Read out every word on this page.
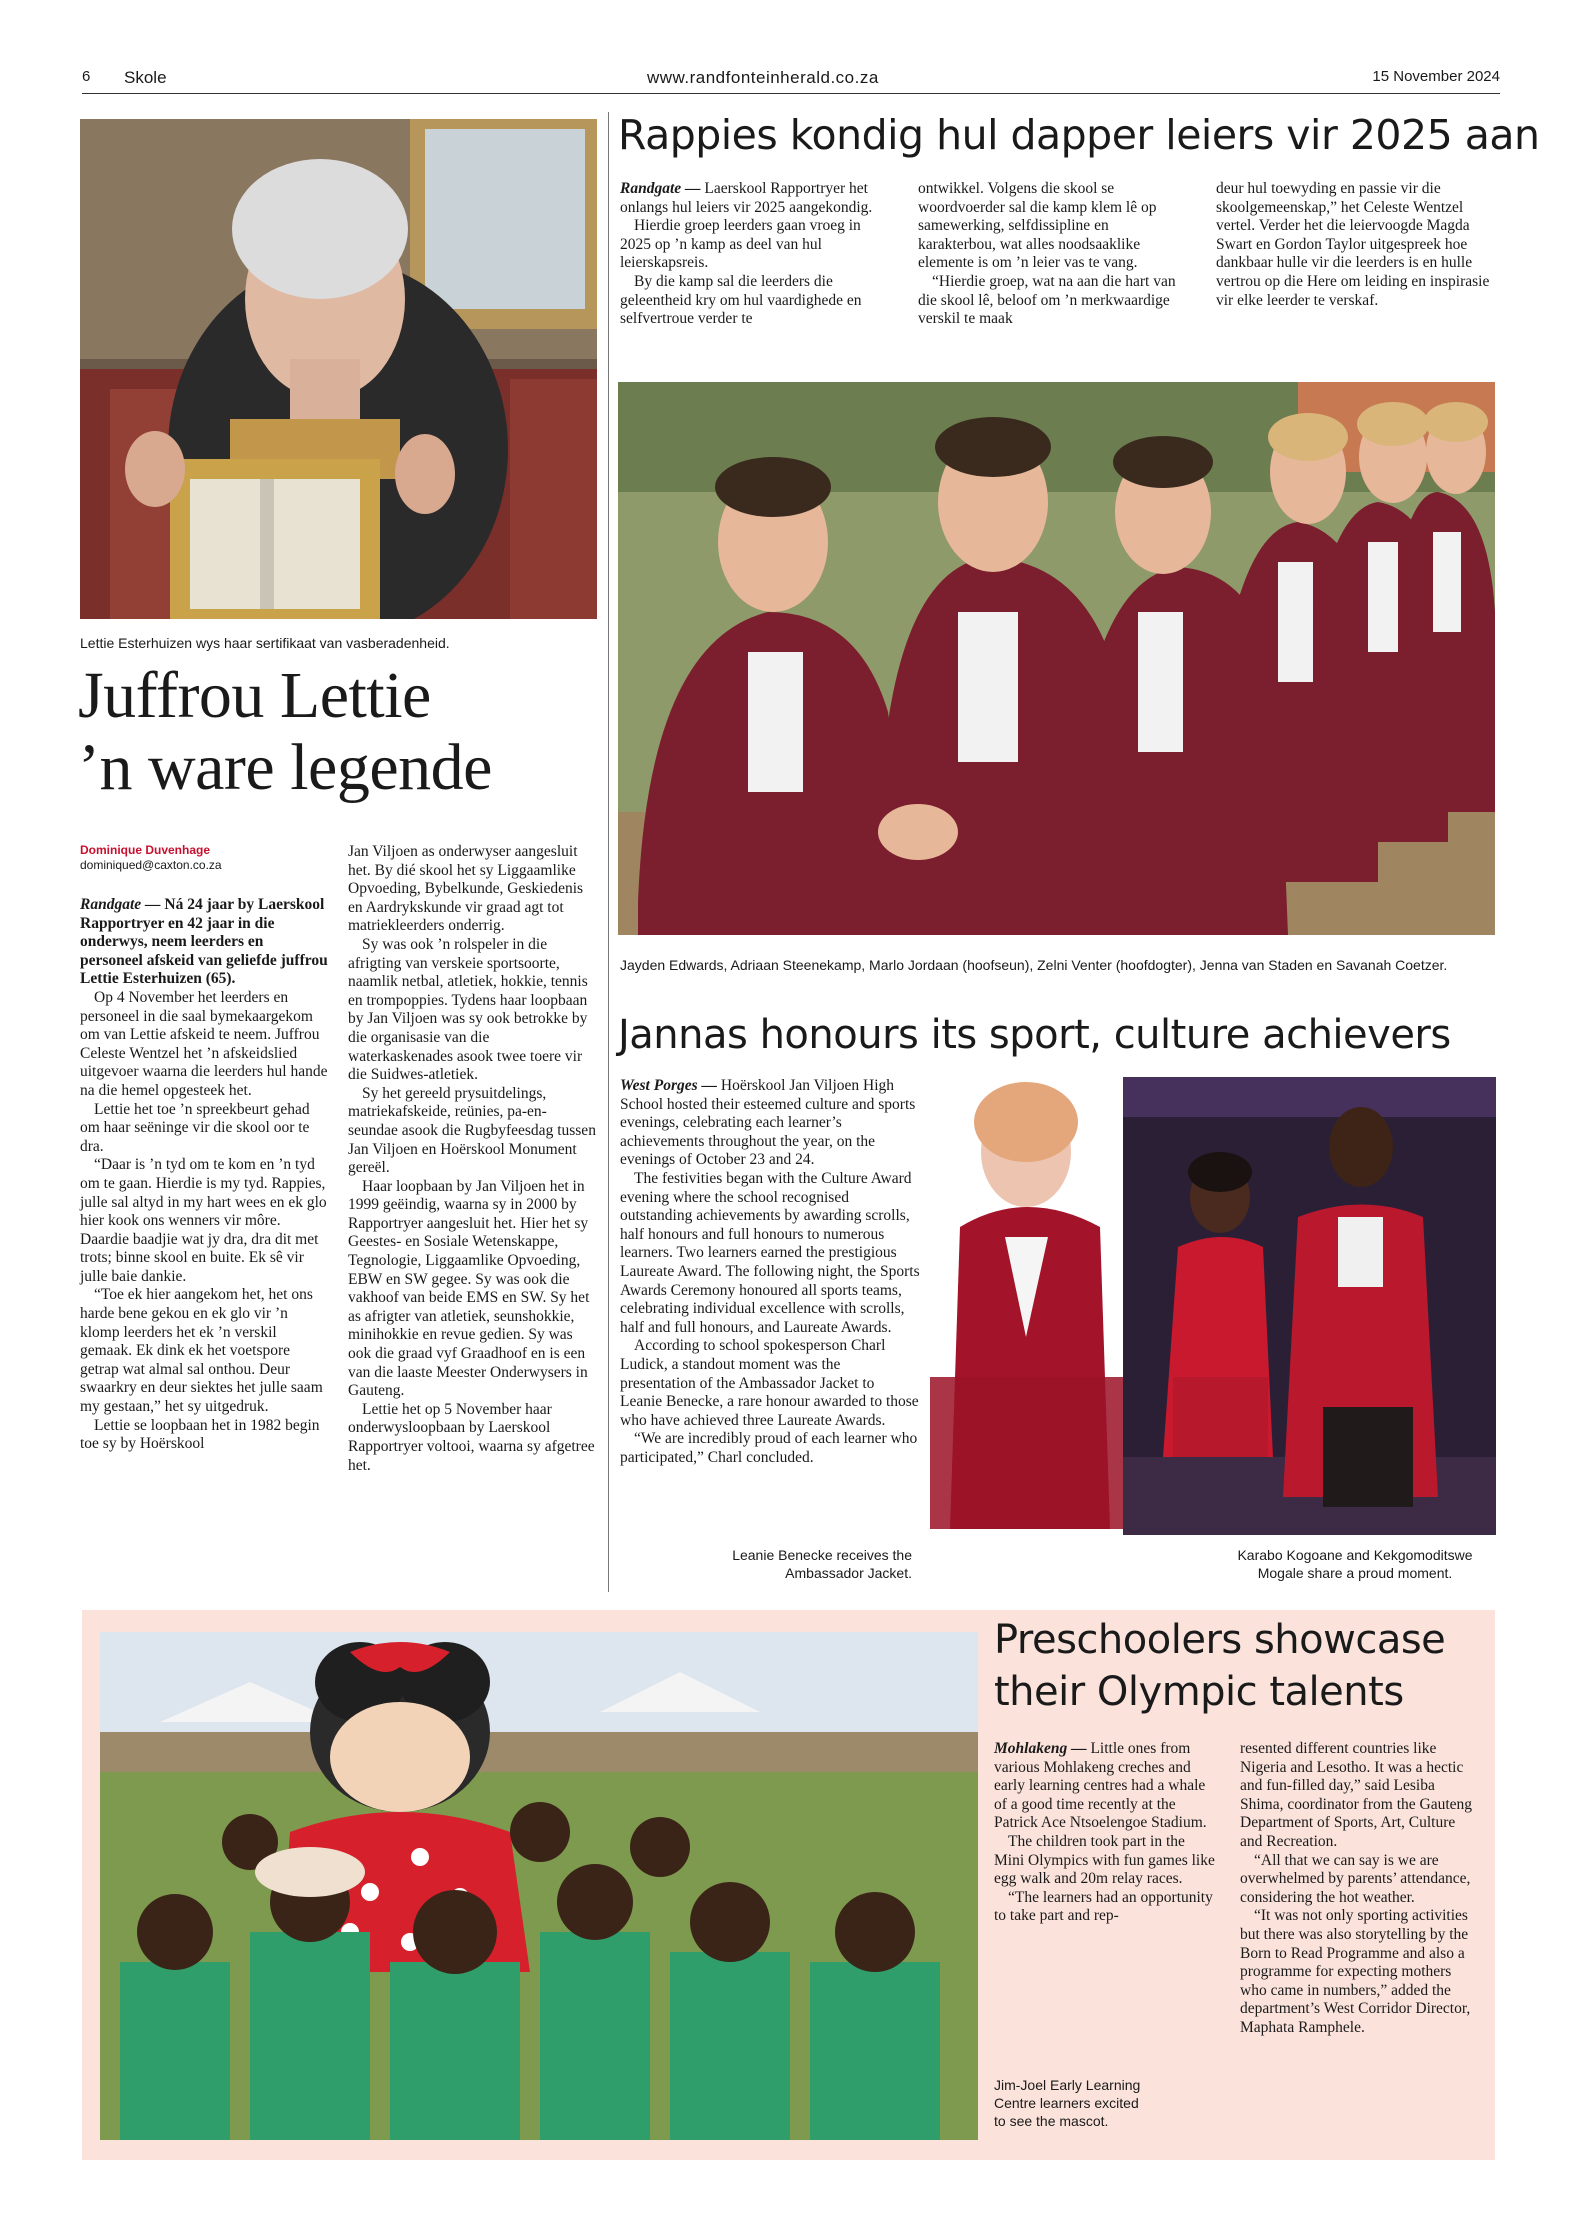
6 Skole	www.randfonteinherald.co.za	15 November 2024
Lettie Esterhuizen wys haar sertifikaat van vasberadenheid.
Juffrou Lettie
’n ware legende
Dominique Duvenhage
dominiqued@caxton.co.za

Randgate — Ná 24 jaar by Laerskool Rapportryer en 42 jaar in die onderwys, neem leerders en personeel afskeid van geliefde juffrou Lettie Esterhuizen (65).

Op 4 November het leerders en personeel in die saal bymekaargekom om van Lettie afskeid te neem. Juffrou Celeste Wentzel het ’n afskeidslied uitgevoer waarna die leerders hul hande na die hemel opgesteek het.

Lettie het toe ’n spreekbeurt gehad om haar seëninge vir die skool oor te dra.

“Daar is ’n tyd om te kom en ’n tyd om te gaan. Hierdie is my tyd. Rappies, julle sal altyd in my hart wees en ek glo hier kook ons wenners vir môre. Daardie baadjie wat jy dra, dra dit met trots; binne skool en buite. Ek sê vir julle baie dankie.

“Toe ek hier aangekom het, het ons harde bene gekou en ek glo vir ’n klomp leerders het ek ’n verskil gemaak. Ek dink ek het voetspore getrap wat almal sal onthou. Deur swaarkry en deur siektes het julle saam my gestaan,” het sy uitgedruk.

Lettie se loopbaan het in 1982 begin toe sy by Hoërskool

Jan Viljoen as onderwyser aangesluit het. By dié skool het sy Liggaamlike Opvoeding, Bybelkunde, Geskiedenis en Aardrykskunde vir graad agt tot matriekleerders onderrig.

Sy was ook ’n rolspeler in die afrigting van verskeie sportsoorte, naamlik netbal, atletiek, hokkie, tennis en trompoppies. Tydens haar loopbaan by Jan Viljoen was sy ook betrokke by die organisasie van die waterkaskenades asook twee toere vir die Suidwes-atletiek.

Sy het gereeld prysuitdelings, matriekafskeide, reünies, pa-en-seundae asook die Rugbyfeesdag tussen Jan Viljoen en Hoërskool Monument gereël.

Haar loopbaan by Jan Viljoen het in 1999 geëindig, waarna sy in 2000 by Rapportryer aangesluit het. Hier het sy Geestes- en Sosiale Wetenskappe, Tegnologie, Liggaamlike Opvoeding, EBW en SW gegee. Sy was ook die vakhoof van beide EMS en SW. Sy het as afrigter van atletiek, seunshokkie, minihokkie en revue gedien. Sy was ook die graad vyf Graadhoof en is een van die laaste Meester Onderwysers in Gauteng.

Lettie het op 5 November haar onderwysloopbaan by Laerskool Rapportryer voltooi, waarna sy afgetree het.

Rappies kondig hul dapper leiers vir 2025 aan

Randgate — Laerskool Rapportryer het onlangs hul leiers vir 2025 aangekondig.

Hierdie groep leerders gaan vroeg in 2025 op ’n kamp as deel van hul leierskapsreis.

By die kamp sal die leerders die geleentheid kry om hul vaardighede en selfvertroue verder te

ontwikkel. Volgens die skool se woordvoerder sal die kamp klem lê op samewerking, selfdissipline en karakterbou, wat alles noodsaaklike elemente is om ’n leier vas te vang.

“Hierdie groep, wat na aan die hart van die skool lê, beloof om ’n merkwaardige verskil te maak

deur hul toewyding en passie vir die skoolgemeenskap,” het Celeste Wentzel vertel. Verder het die leiervoogde Magda Swart en Gordon Taylor uitgespreek hoe dankbaar hulle vir die leerders is en hulle vertrou op die Here om leiding en inspirasie vir elke leerder te verskaf.

Jayden Edwards, Adriaan Steenekamp, Marlo Jordaan (hoofseun), Zelni Venter (hoofdogter), Jenna van Staden en Savanah Coetzer.
Jannas honours its sport, culture achievers

West Porges — Hoërskool Jan Viljoen High School hosted their esteemed culture and sports evenings, celebrating each learner’s achievements throughout the year, on the evenings of October 23 and 24.

The festivities began with the Culture Award evening where the school recognised outstanding achievements by awarding scrolls, half honours and full honours to numerous learners. Two learners earned the prestigious Laureate Award. The following night, the Sports Awards Ceremony honoured all sports teams, celebrating individual excellence with scrolls, half and full honours, and Laureate Awards.

According to school spokesperson Charl Ludick, a standout moment was the presentation of the Ambassador Jacket to Leanie Benecke, a rare honour awarded to those who have achieved three Laureate Awards.

“We are incredibly proud of each learner who participated,” Charl concluded.

Leanie Benecke receives the
Ambassador Jacket.
Karabo Kogoane and Kekgomoditswe
Mogale share a proud moment.
Preschoolers showcase
their Olympic talents

Mohlakeng — Little ones from various Mohlakeng creches and early learning centres had a whale of a good time recently at the Patrick Ace Ntsoelengoe Stadium.

The children took part in the Mini Olympics with fun games like egg walk and 20m relay races.

“The learners had an opportunity to take part and rep-

Jim-Joel Early Learning
Centre learners excited
to see the mascot.

resented different countries like Nigeria and Lesotho. It was a hectic and fun-filled day,” said Lesiba Shima, coordinator from the Gauteng Department of Sports, Art, Culture and Recreation.

“All that we can say is we are overwhelmed by parents’ attendance, considering the hot weather.

“It was not only sporting activities but there was also storytelling by the Born to Read Programme and also a programme for expecting mothers who came in numbers,” added the department’s West Corridor Director, Maphata Ramphele.
